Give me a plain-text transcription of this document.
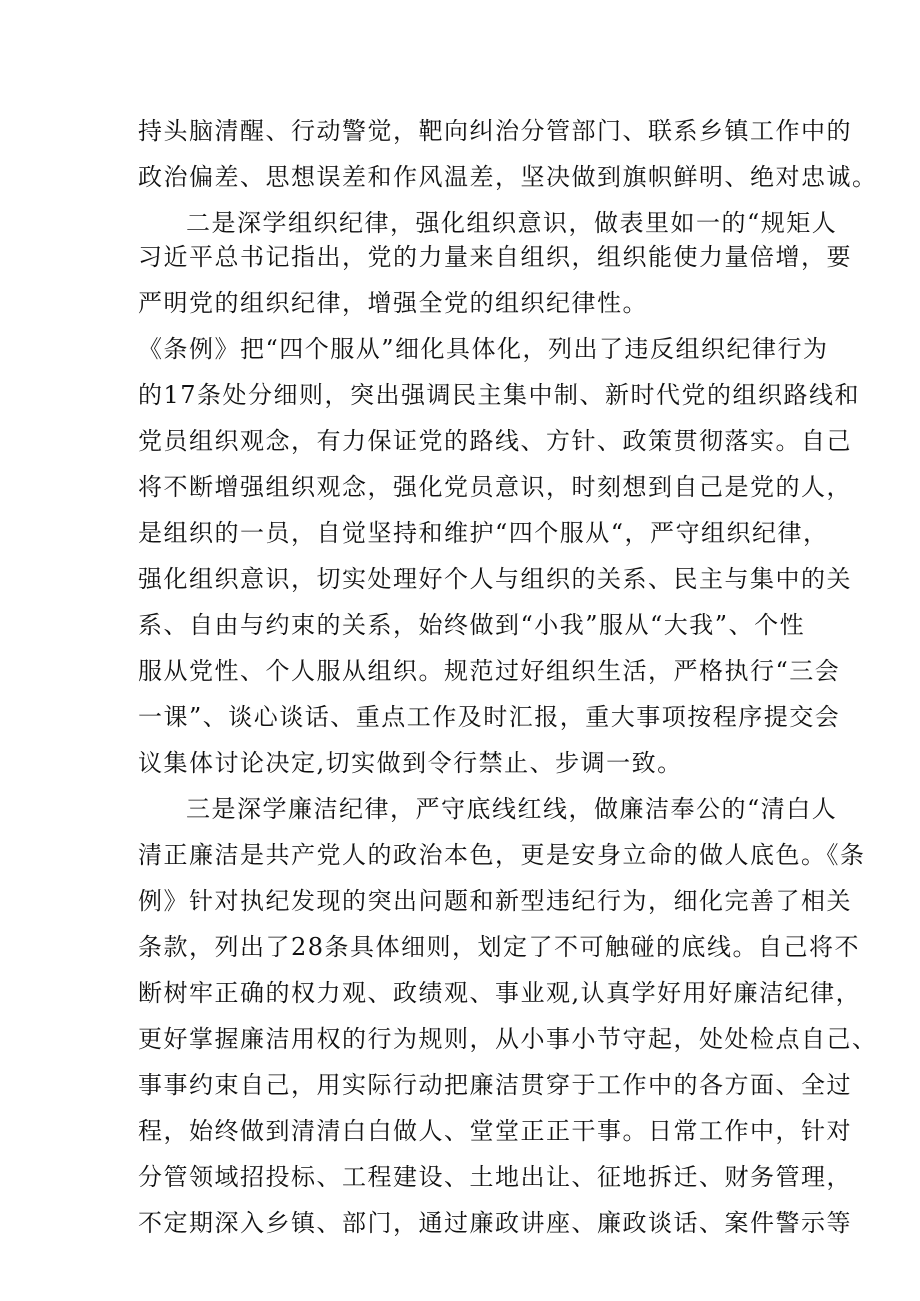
持头脑清醒、行动警觉，靶向纠治分管部门、联系乡镇工作中的
政治偏差、思想误差和作风温差，坚决做到旗帜鲜明、绝对忠诚。
二是深学组织纪律，强化组织意识，做表里如一的“规矩人
习近平总书记指出，党的力量来自组织，组织能使力量倍增，要
严明党的组织纪律，增强全党的组织纪律性。
《条例》把“四个服从”细化具体化，列出了违反组织纪律行为
的17条处分细则，突出强调民主集中制、新时代党的组织路线和
党员组织观念，有力保证党的路线、方针、政策贯彻落实。自己
将不断增强组织观念，强化党员意识，时刻想到自己是党的人，
是组织的一员，自觉坚持和维护“四个服从“，严守组织纪律，
强化组织意识，切实处理好个人与组织的关系、民主与集中的关
系、自由与约束的关系，始终做到“小我”服从“大我”、个性
服从党性、个人服从组织。规范过好组织生活，严格执行“三会
一课”、谈心谈话、重点工作及时汇报，重大事项按程序提交会
议集体讨论决定,切实做到令行禁止、步调一致。
三是深学廉洁纪律，严守底线红线，做廉洁奉公的“清白人
清正廉洁是共产党人的政治本色，更是安身立命的做人底色。《条
例》针对执纪发现的突出问题和新型违纪行为，细化完善了相关
条款，列出了28条具体细则，划定了不可触碰的底线。自己将不
断树牢正确的权力观、政绩观、事业观,认真学好用好廉洁纪律，
更好掌握廉洁用权的行为规则，从小事小节守起，处处检点自己、
事事约束自己，用实际行动把廉洁贯穿于工作中的各方面、全过
程，始终做到清清白白做人、堂堂正正干事。日常工作中，针对
分管领域招投标、工程建设、土地出让、征地拆迁、财务管理，
不定期深入乡镇、部门，通过廉政讲座、廉政谈话、案件警示等
